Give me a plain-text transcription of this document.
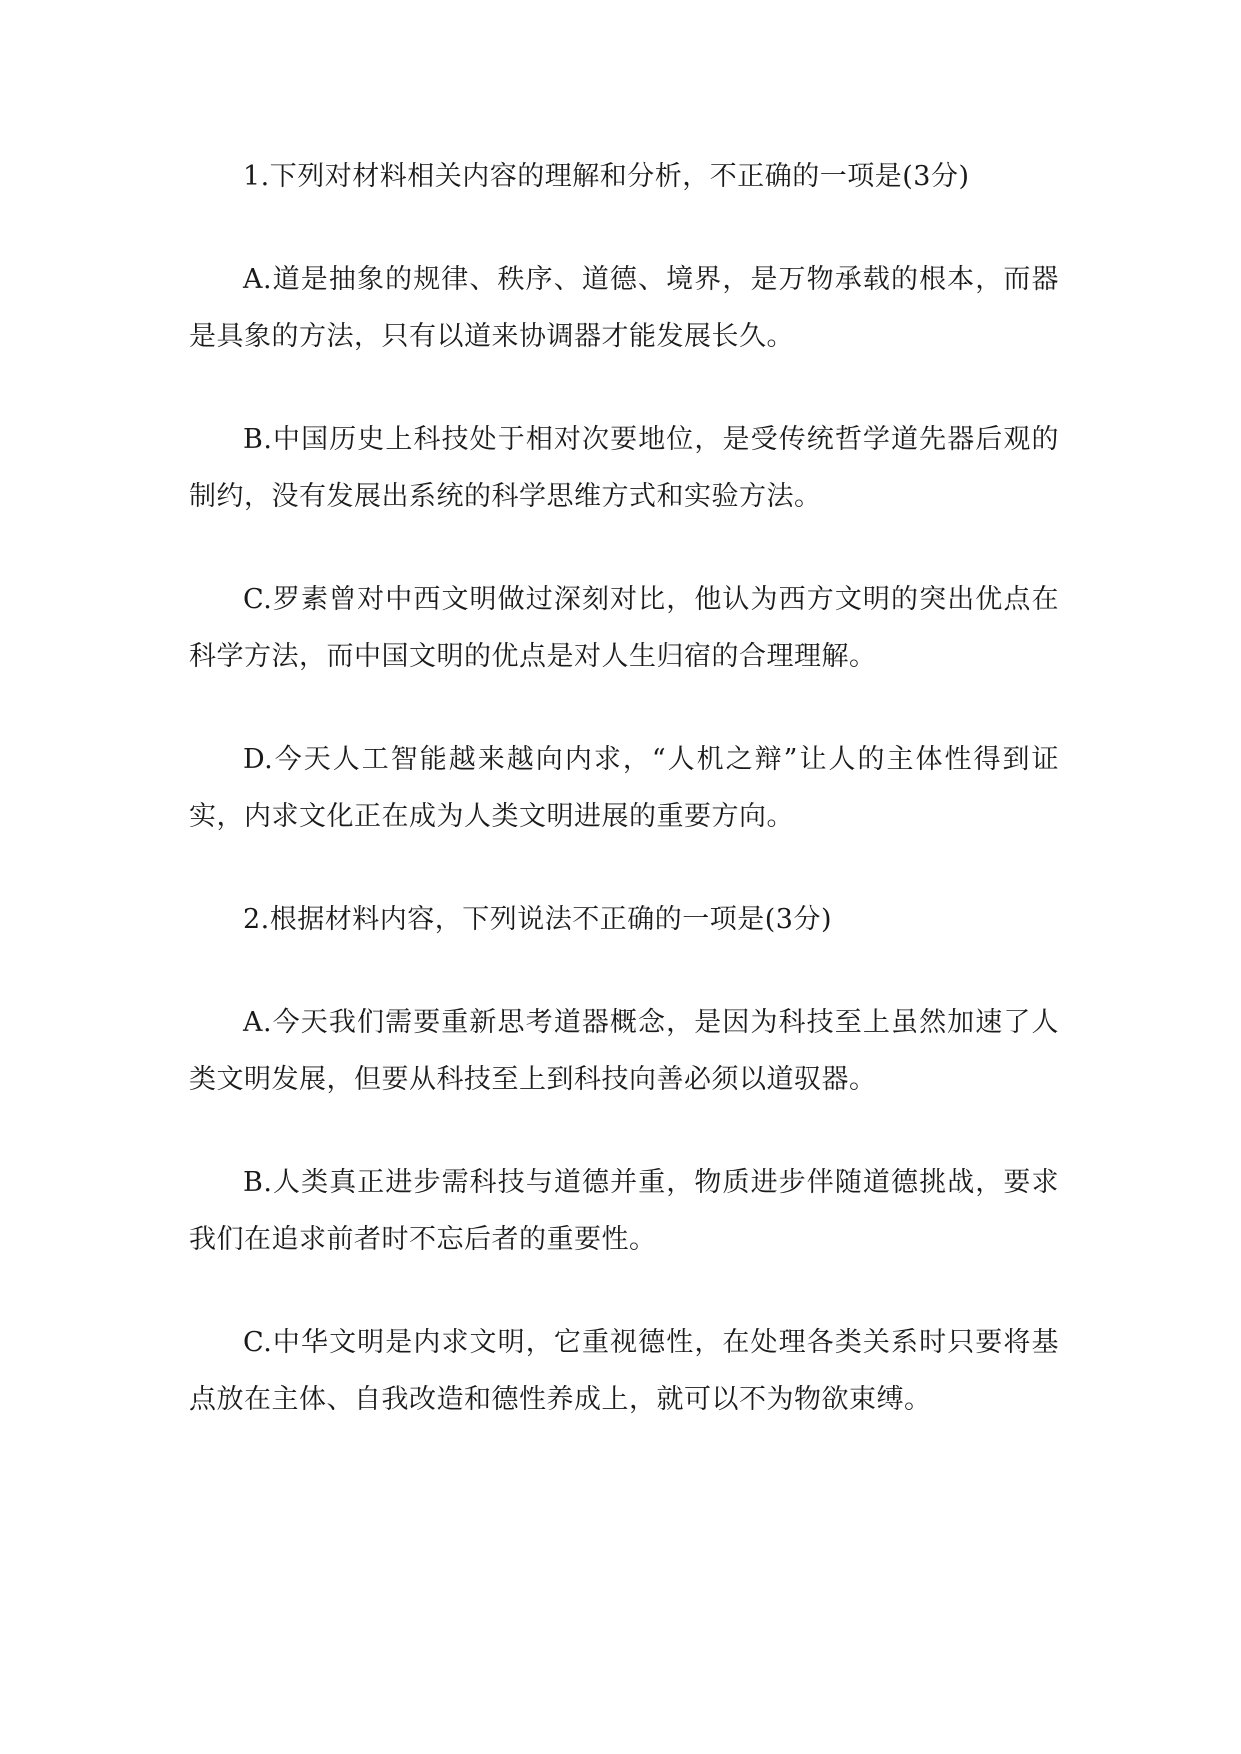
1.下列对材料相关内容的理解和分析，不正确的一项是(3分)

A.道是抽象的规律、秩序、道德、境界，是万物承载的根本，而器是具象的方法，只有以道来协调器才能发展长久。

B.中国历史上科技处于相对次要地位，是受传统哲学道先器后观的制约，没有发展出系统的科学思维方式和实验方法。

C.罗素曾对中西文明做过深刻对比，他认为西方文明的突出优点在科学方法，而中国文明的优点是对人生归宿的合理理解。

D.今天人工智能越来越向内求，“人机之辩”让人的主体性得到证实，内求文化正在成为人类文明进展的重要方向。

2.根据材料内容，下列说法不正确的一项是(3分)

A.今天我们需要重新思考道器概念，是因为科技至上虽然加速了人类文明发展，但要从科技至上到科技向善必须以道驭器。

B.人类真正进步需科技与道德并重，物质进步伴随道德挑战，要求我们在追求前者时不忘后者的重要性。

C.中华文明是内求文明，它重视德性，在处理各类关系时只要将基点放在主体、自我改造和德性养成上，就可以不为物欲束缚。
